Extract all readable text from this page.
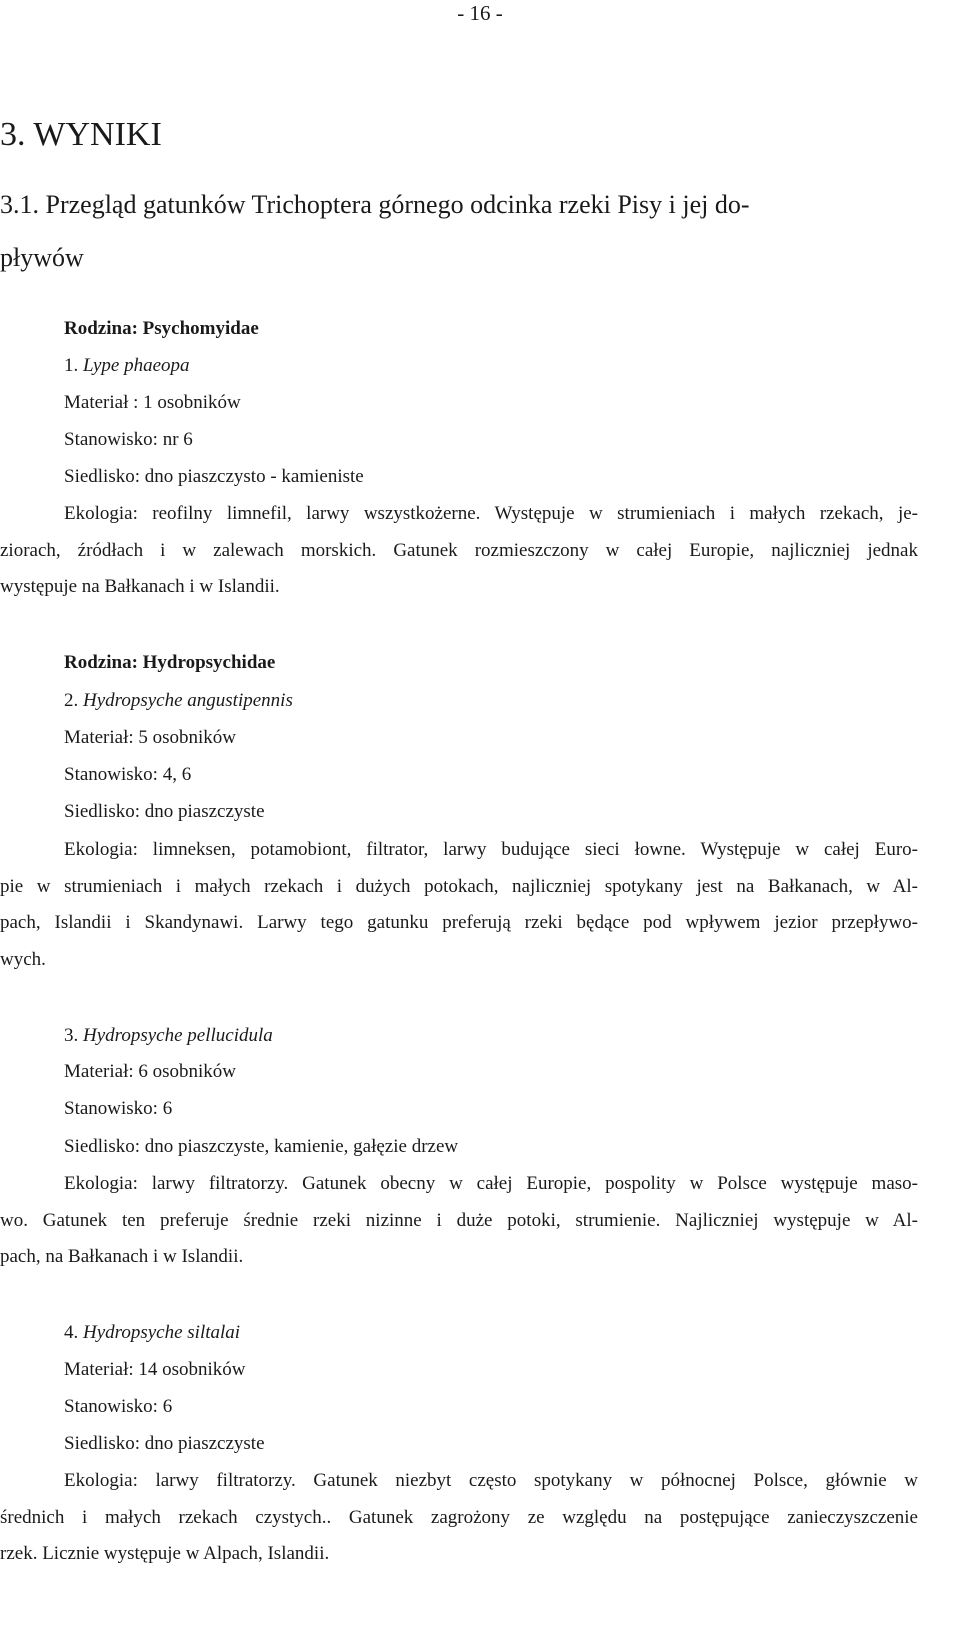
- 16 -
3. WYNIKI
3.1. Przegląd gatunków Trichoptera górnego odcinka rzeki Pisy i jej do-
pływów
Rodzina: Psychomyidae
1. Lype phaeopa
Materiał : 1 osobników
Stanowisko: nr 6
Siedlisko: dno piaszczysto - kamieniste
Ekologia: reofilny limnefil, larwy wszystkożerne. Występuje w strumieniach i małych rzekach, je-
ziorach, źródłach i w zalewach morskich. Gatunek rozmieszczony w całej Europie, najliczniej jednak
występuje na Bałkanach i w Islandii.
Rodzina: Hydropsychidae
2. Hydropsyche angustipennis
Materiał: 5 osobników
Stanowisko: 4, 6
Siedlisko: dno piaszczyste
Ekologia: limneksen, potamobiont, filtrator, larwy budujące sieci łowne. Występuje w całej Euro-
pie w strumieniach i małych rzekach i dużych potokach, najliczniej spotykany jest na Bałkanach, w Al-
pach, Islandii i Skandynawi. Larwy tego gatunku preferują rzeki będące pod wpływem jezior przepływo-
wych.
3. Hydropsyche pellucidula
Materiał: 6 osobników
Stanowisko: 6
Siedlisko: dno piaszczyste, kamienie, gałęzie drzew
Ekologia: larwy filtratorzy. Gatunek obecny w całej Europie, pospolity w Polsce występuje maso-
wo. Gatunek ten preferuje średnie rzeki nizinne i duże potoki, strumienie. Najliczniej występuje w Al-
pach, na Bałkanach i w Islandii.
4. Hydropsyche siltalai
Materiał: 14 osobników
Stanowisko: 6
Siedlisko: dno piaszczyste
Ekologia: larwy filtratorzy. Gatunek niezbyt często spotykany w północnej Polsce, głównie w
średnich i małych rzekach czystych.. Gatunek zagrożony ze względu na postępujące zanieczyszczenie
rzek. Licznie występuje w Alpach, Islandii.
